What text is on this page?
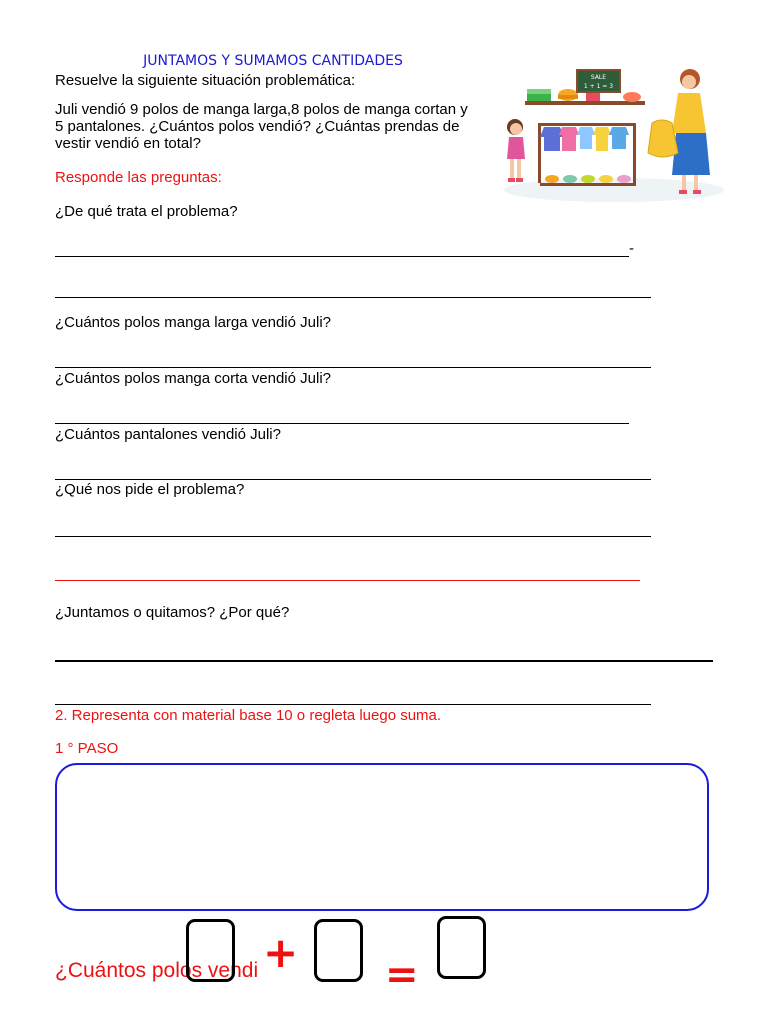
JUNTAMOS Y SUMAMOS CANTIDADES
Resuelve la siguiente situación problemática:
Juli vendió 9 polos de manga larga,8 polos de manga cortan y
5 pantalones. ¿Cuántos polos vendió? ¿Cuántas prendas de
vestir vendió en total?
Responde las preguntas:
¿De qué trata el problema?
-
¿Cuántos polos manga larga vendió Juli?
¿Cuántos polos manga corta vendió Juli?
¿Cuántos pantalones vendió Juli?
¿Qué nos pide el problema?
¿Juntamos o quitamos? ¿Por qué?
2. Representa con material base 10 o regleta luego suma.
1 ° PASO
¿Cuántos polos vendi + =
SALE
1 + 1 = 3
